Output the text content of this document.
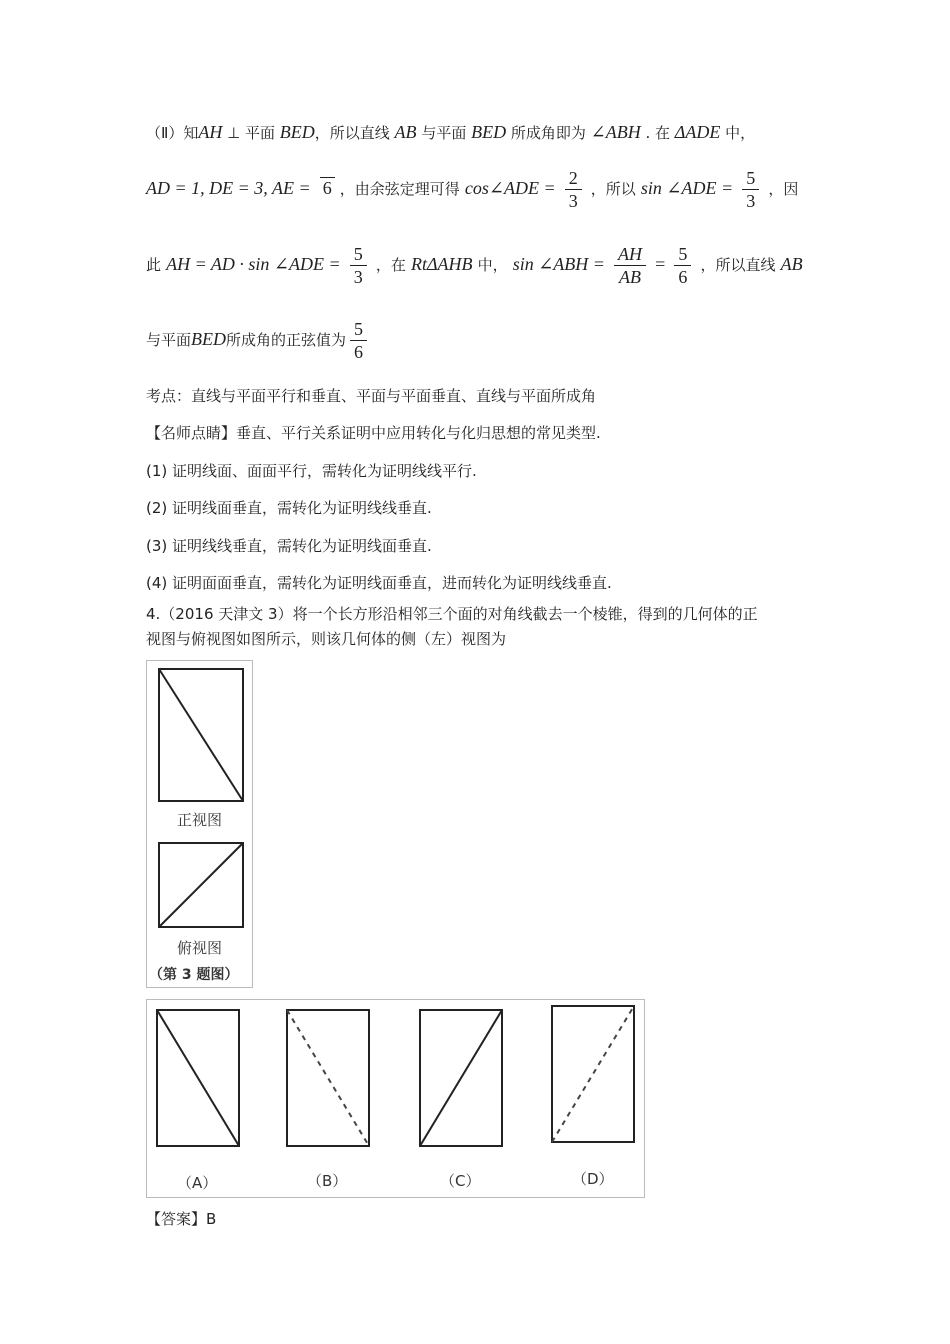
（Ⅱ）知AH ⊥ 平面 BED，所以直线 AB 与平面 BED 所成角即为 ∠ABH . 在 ΔADE 中，
AD = 1, DE = 3, AE = 6 ，由余弦定理可得 cos∠ADE = $\frac{2}{3}$ ，所以 sin ∠ADE = $\frac{5}{3}$ ，因
此 AH = AD · sin ∠ADE = $\frac{5}{3}$ ，在 RtΔAHB 中， sin ∠ABH = $\frac{AH}{AB} = \frac{5}{6}$ ，所以直线 AB
与平面BED所成角的正弦值为 $\frac{5}{6}$
考点：直线与平面平行和垂直、平面与平面垂直、直线与平面所成角
【名师点睛】垂直、平行关系证明中应用转化与化归思想的常见类型.
(1) 证明线面、面面平行，需转化为证明线线平行.
(2) 证明线面垂直，需转化为证明线线垂直.
(3) 证明线线垂直，需转化为证明线面垂直.
(4) 证明面面垂直，需转化为证明线面垂直，进而转化为证明线线垂直.
4.（2016 天津文 3）将一个长方形沿相邻三个面的对角线截去一个棱锥，得到的几何体的正
视图与俯视图如图所示，则该几何体的侧（左）视图为
正视图
俯视图
（第 3 题图）
（A）	（B）	（C）	（D）
【答案】B
